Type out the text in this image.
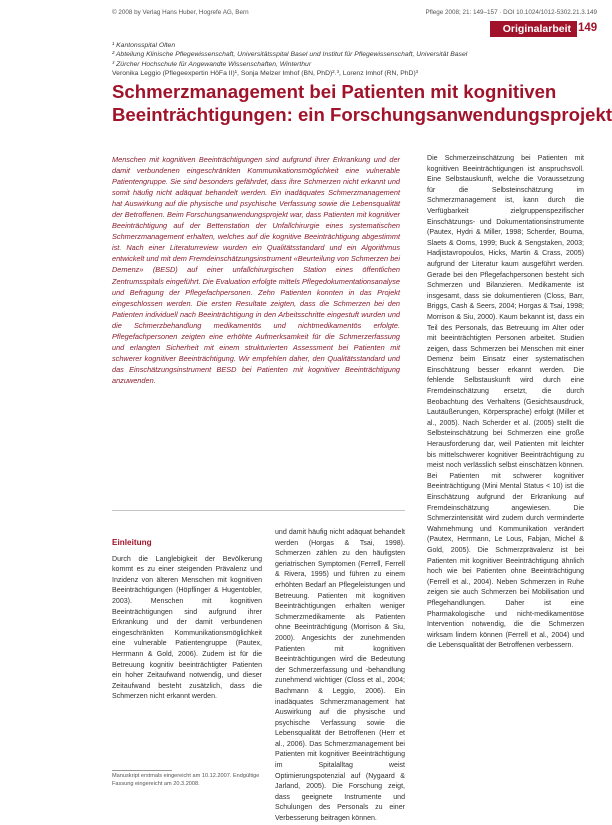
© 2008 by Verlag Hans Huber, Hogrefe AG, Bern	Pflege 2008; 21: 149–157 · DOI 10.1024/1012-5302.21.3.149
Originalarbeit 149
¹ Kantonsspital Olten
² Abteilung Klinische Pflegewissenschaft, Universitätsspital Basel und Institut für Pflegewissenschaft, Universität Basel
³ Zürcher Hochschule für Angewandte Wissenschaften, Winterthur
Veronika Leggio (Pflegeexpertin HöFa II)¹, Sonja Melzer Imhof (BN, PhD)²˒³, Lorenz Imhof (RN, PhD)³
Schmerzmanagement bei Patienten mit kognitiven
Beeinträchtigungen: ein Forschungsanwendungsprojekt
Menschen mit kognitiven Beeinträchtigungen sind aufgrund ihrer Erkrankung und der damit verbundenen eingeschränkten Kommunikationsmöglichkeit eine vulnerable Patientengruppe. Sie sind besonders gefährdet, dass ihre Schmerzen nicht erkannt und somit häufig nicht adäquat behandelt werden. Ein inadäquates Schmerzmanagement hat Auswirkung auf die physische und psychische Verfassung sowie die Lebensqualität der Betroffenen. Beim Forschungsanwendungsprojekt war, dass Patienten mit kognitiver Beeinträchtigung auf der Bettenstation der Unfallchirurgie eines systematischen Schmerzmanagement erhalten, welches auf die kognitive Beeinträchtigung abgestimmt ist. Nach einer Literaturreview wurden ein Qualitätsstandard und ein Algorithmus entwickelt und mit dem Fremdeinschätzungsinstrument «Beurteilung von Schmerzen bei Demenz» (BESD) auf einer unfallchirurgischen Station eines öffentlichen Zentrumsspitals eingeführt. Die Evaluation erfolgte mittels Pflegedokumentationsanalyse und Befragung der Pflegefachpersonen. Zehn Patienten konnten in das Projekt eingeschlossen werden. Die ersten Resultate zeigten, dass die Schmerzen bei den Patienten individuell nach Beeinträchtigung in den Arbeitsschritte eingestuft wurden und die Schmerzbehandlung medikamentös und nichtmedikamentös erfolgte. Pflegefachpersonen zeigten eine erhöhte Aufmerksamkeit für die Schmerzerfassung und erlangten Sicherheit mit einem strukturierten Assessment bei Patienten mit schwerer kognitiver Beeinträchtigung. Wir empfehlen daher, den Qualitätsstandard und das Einschätzungsinstrument BESD bei Patienten mit kognitiver Beeinträchtigung anzuwenden.
Die Schmerzeinschätzung bei Patienten mit kognitiven Beeinträchtigungen ist anspruchsvoll. Eine Selbstauskunft, welche die Voraussetzung für die Selbsteinschätzung im Schmerzmanagement ist, kann durch die Verfügbarkeit zielgruppenspezifischer Einschätzungs- und Dokumentationsinstrumente (Pautex, Hydri & Miller, 1998; Scherder, Bouma, Slaets & Ooms, 1999; Buck & Sengstaken, 2003; Hadjistavropoulos, Hicks, Martin & Crass, 2005) aufgrund der Literatur kaum ausgeführt werden. Gerade bei den Pflegefachpersonen besteht sich Schmerzen und Bilanzieren. Medikamente ist insgesamt, dass sie dokumentieren (Closs, Barr, Briggs, Cash & Seers, 2004; Horgas & Tsai, 1998; Morrison & Siu, 2000). Kaum bekannt ist, dass ein Teil des Personals, das Betreuung im Alter oder mit beeinträchtigten Personen arbeitet. Studien zeigen, dass Schmerzen bei Menschen mit einer Demenz beim Einsatz einer systematischen Einschätzung besser erkannt werden. Die fehlende Selbstauskunft wird durch eine Fremdeinschätzung ersetzt, die durch Beobachtung des Verhaltens (Gesichtsausdruck, Lautäußerungen, Körpersprache) erfolgt (Miller et al., 2005). Nach Scherder et al. (2005) stellt die Selbsteinschätzung bei Schmerzen eine große Herausforderung dar, weil Patienten mit leichter bis mittelschwerer kognitiver Beeinträchtigung zu meist noch verlässlich selbst einschätzen können. Bei Patienten mit schwerer kognitiver Beeinträchtigung (Mini Mental Status < 10) ist die Einschätzung aufgrund der Erkrankung auf Fremdeinschätzung angewiesen. Die Schmerzintensität wird zudem durch verminderte Wahrnehmung und Kommunikation verändert (Pautex, Herrmann, Le Lous, Fabjan, Michel & Gold, 2005). Die Schmerzprävalenz ist bei Patienten mit kognitiver Beeinträchtigung ähnlich hoch wie bei Patienten ohne Beeinträchtigung (Ferrell et al., 2004). Neben Schmerzen in Ruhe zeigen sie auch Schmerzen bei Mobilisation und Pflegehandlungen. Daher ist eine Pharmakologische und nicht-medikamentöse Intervention notwendig, die die Schmerzen wirksam lindern können (Ferrell et al., 2004) und die Lebensqualität der Betroffenen verbessern.
Einleitung
Durch die Langlebigkeit der Bevölkerung kommt es zu einer steigenden Prävalenz und Inzidenz von älteren Menschen mit kognitiven Beeinträchtigungen (Höpflinger & Hugentobler, 2003). Menschen mit kognitiven Beeinträchtigungen sind aufgrund ihrer Erkrankung und der damit verbundenen eingeschränkten Kommunikationsmöglichkeit eine vulnerable Patientengruppe (Pautex, Herrmann & Gold, 2006). Zudem ist für die Betreuung kognitiv beeinträchtigter Patienten ein hoher Zeitaufwand notwendig, und dieser Zeitaufwand besteht zusätzlich, dass die Schmerzen nicht erkannt werden.
und damit häufig nicht adäquat behandelt werden (Horgas & Tsai, 1998). Schmerzen zählen zu den häufigsten geriatrischen Symptomen (Ferrell, Ferrell & Rivera, 1995) und führen zu einem erhöhten Bedarf an Pflegeleistungen und Betreuung. Patienten mit kognitiven Beeinträchtigungen erhalten weniger Schmerzmedikamente als Patienten ohne Beeinträchtigung (Morrison & Siu, 2000). Angesichts der zunehmenden Patienten mit kognitiven Beeinträchtigungen wird die Bedeutung der Schmerzerfassung und -behandlung zunehmend wichtiger (Closs et al., 2004; Bachmann & Leggio, 2006). Ein inadäquates Schmerzmanagement hat Auswirkung auf die physische und psychische Verfassung sowie die Lebensqualität der Betroffenen (Herr et al., 2006). Das Schmerzmanagement bei Patienten mit kognitiver Beeinträchtigung im Spitalalltag weist Optimierungspotenzial auf (Nygaard & Jarland, 2005). Die Forschung zeigt, dass geeignete Instrumente und Schulungen des Personals zu einer Verbesserung beitragen können.
Manuskript erstmals eingereicht am 10.12.2007. Endgültige Fassung eingereicht am 20.3.2008.
